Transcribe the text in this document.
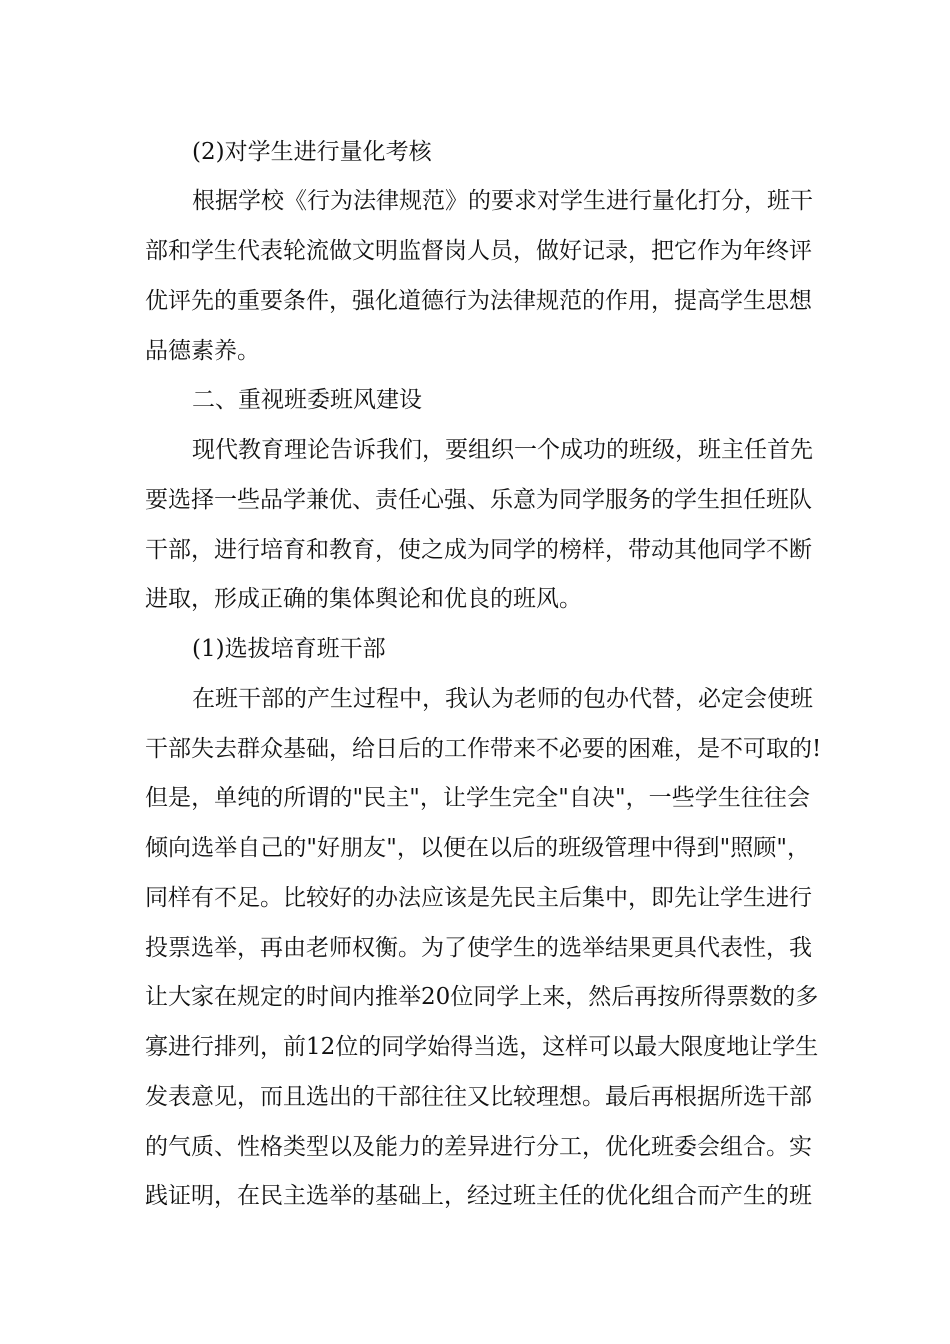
(2)对学生进行量化考核
根据学校《行为法律规范》的要求对学生进行量化打分，班干
部和学生代表轮流做文明监督岗人员，做好记录，把它作为年终评
优评先的重要条件，强化道德行为法律规范的作用，提高学生思想
品德素养。
二、重视班委班风建设
现代教育理论告诉我们，要组织一个成功的班级，班主任首先
要选择一些品学兼优、责任心强、乐意为同学服务的学生担任班队
干部，进行培育和教育，使之成为同学的榜样，带动其他同学不断
进取，形成正确的集体舆论和优良的班风。
(1)选拔培育班干部
在班干部的产生过程中，我认为老师的包办代替，必定会使班
干部失去群众基础，给日后的工作带来不必要的困难，是不可取的!
但是，单纯的所谓的"民主"，让学生完全"自决"，一些学生往往会
倾向选举自己的"好朋友"，以便在以后的班级管理中得到"照顾"，
同样有不足。比较好的办法应该是先民主后集中，即先让学生进行
投票选举，再由老师权衡。为了使学生的选举结果更具代表性，我
让大家在规定的时间内推举20位同学上来，然后再按所得票数的多
寡进行排列，前12位的同学始得当选，这样可以最大限度地让学生
发表意见，而且选出的干部往往又比较理想。最后再根据所选干部
的气质、性格类型以及能力的差异进行分工，优化班委会组合。实
践证明，在民主选举的基础上，经过班主任的优化组合而产生的班
